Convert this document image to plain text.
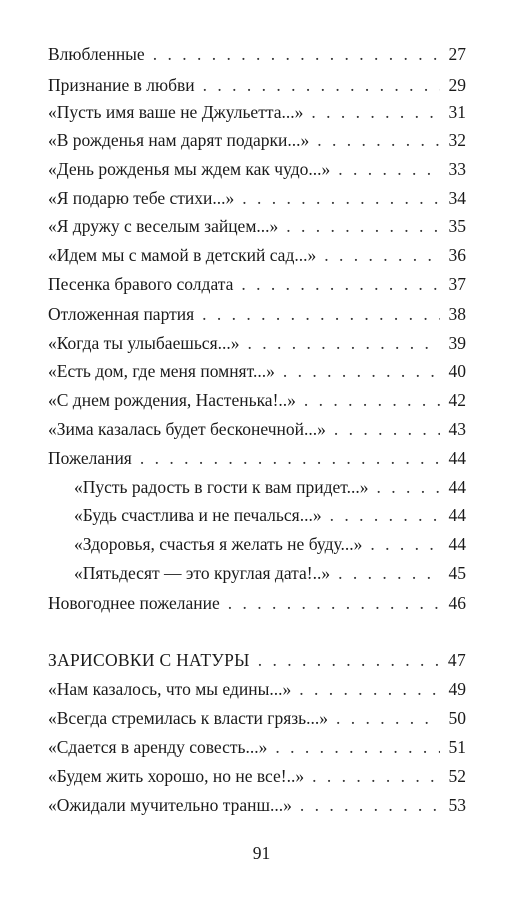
Влюбленные . . .	27
Признание в любви . . .	29
«Пусть имя ваше не Джульетта...» . . .	31
«В рожденья нам дарят подарки...» . . .	32
«День рожденья мы ждем как чудо...» . . .	33
«Я подарю тебе стихи...» . . .	34
«Я дружу с веселым зайцем...» . . .	35
«Идем мы с мамой в детский сад...» . . .	36
Песенка бравого солдата . . .	37
Отложенная партия . . .	38
«Когда ты улыбаешься...» . . .	39
«Есть дом, где меня помнят...» . . .	40
«С днем рождения, Настенька!..» . . .	42
«Зима казалась будет бесконечной...» . . .	43
Пожелания . . .	44
«Пусть радость в гости к вам придет...» . . .	44
«Будь счастлива и не печалься...» . . .	44
«Здоровья, счастья я желать не буду...» . . .	44
«Пятьдесят — это круглая дата!..» . . .	45
Новогоднее пожелание . . .	46
ЗАРИСОВКИ С НАТУРЫ . . .	47
«Нам казалось, что мы едины...» . . .	49
«Всегда стремилась к власти грязь...» . . .	50
«Сдается в аренду совесть...» . . .	51
«Будем жить хорошо, но не все!..» . . .	52
«Ожидали мучительно транш...» . . .	53
91
